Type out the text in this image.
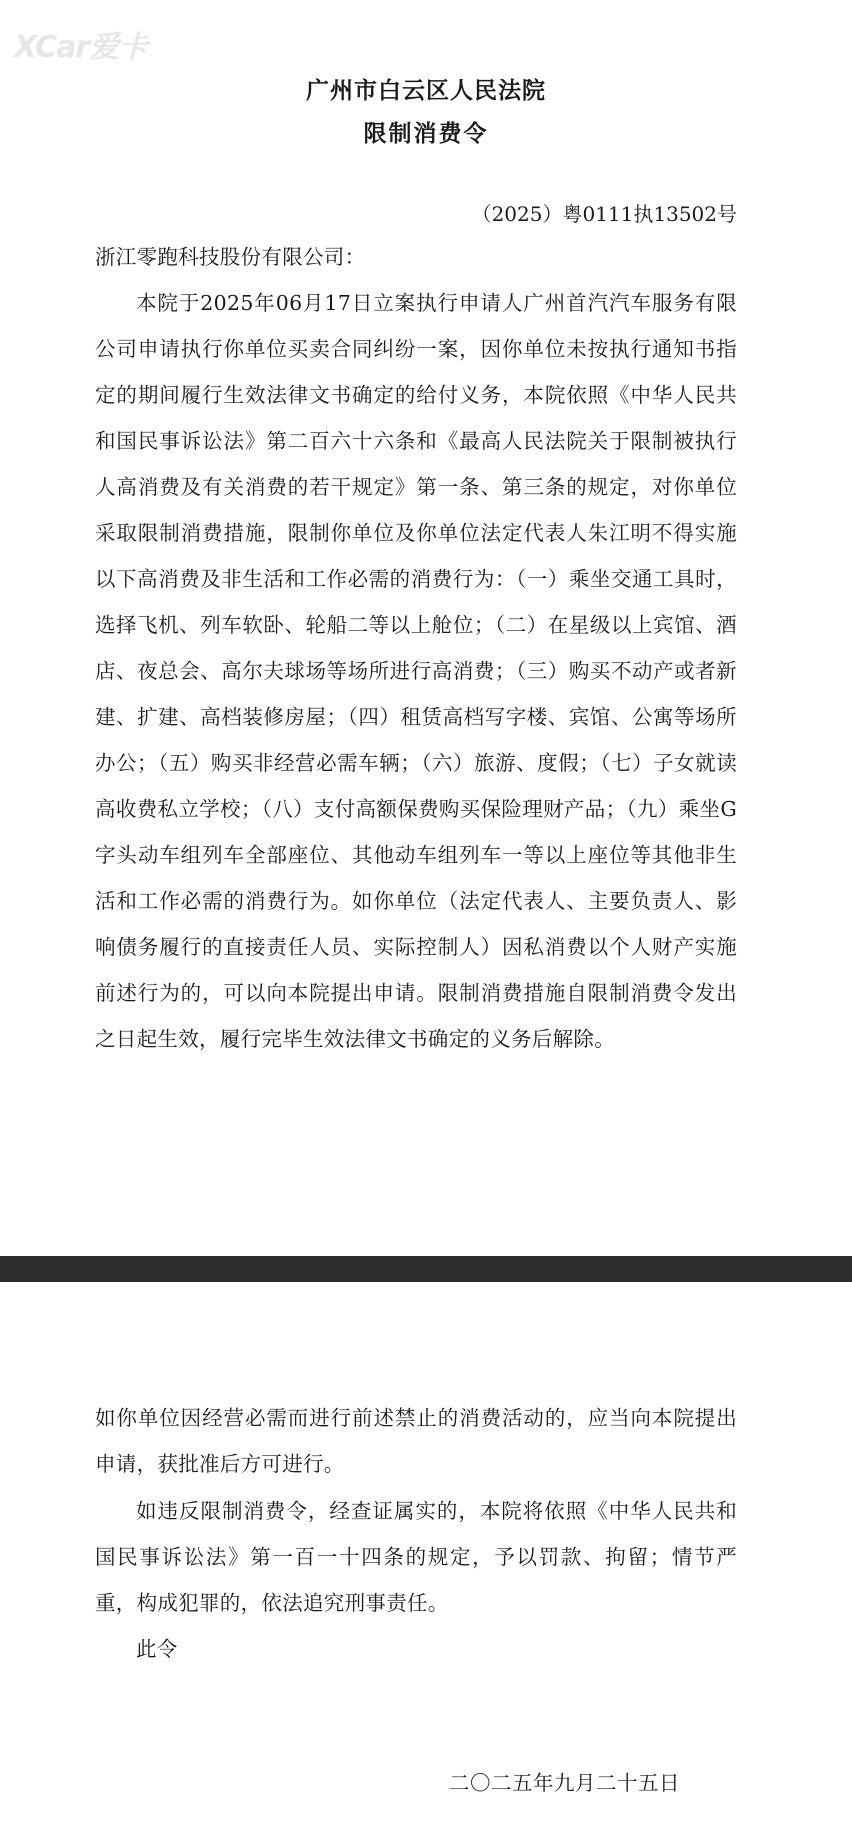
XCar爱卡
广州市白云区人民法院
限制消费令
（2025）粤0111执13502号
浙江零跑科技股份有限公司：
本院于2025年06月17日立案执行申请人广州首汽汽车服务有限公司申请执行你单位买卖合同纠纷一案，因你单位未按执行通知书指定的期间履行生效法律文书确定的给付义务，本院依照《中华人民共和国民事诉讼法》第二百六十六条和《最高人民法院关于限制被执行人高消费及有关消费的若干规定》第一条、第三条的规定，对你单位采取限制消费措施，限制你单位及你单位法定代表人朱江明不得实施以下高消费及非生活和工作必需的消费行为：（一）乘坐交通工具时，选择飞机、列车软卧、轮船二等以上舱位；（二）在星级以上宾馆、酒店、夜总会、高尔夫球场等场所进行高消费；（三）购买不动产或者新建、扩建、高档装修房屋；（四）租赁高档写字楼、宾馆、公寓等场所办公；（五）购买非经营必需车辆；（六）旅游、度假；（七）子女就读高收费私立学校；（八）支付高额保费购买保险理财产品；（九）乘坐G字头动车组列车全部座位、其他动车组列车一等以上座位等其他非生活和工作必需的消费行为。如你单位（法定代表人、主要负责人、影响债务履行的直接责任人员、实际控制人）因私消费以个人财产实施前述行为的，可以向本院提出申请。限制消费措施自限制消费令发出之日起生效，履行完毕生效法律文书确定的义务后解除。
如你单位因经营必需而进行前述禁止的消费活动的，应当向本院提出申请，获批准后方可进行。
如违反限制消费令，经查证属实的，本院将依照《中华人民共和国民事诉讼法》第一百一十四条的规定，予以罚款、拘留；情节严重，构成犯罪的，依法追究刑事责任。
此令
二〇二五年九月二十五日
